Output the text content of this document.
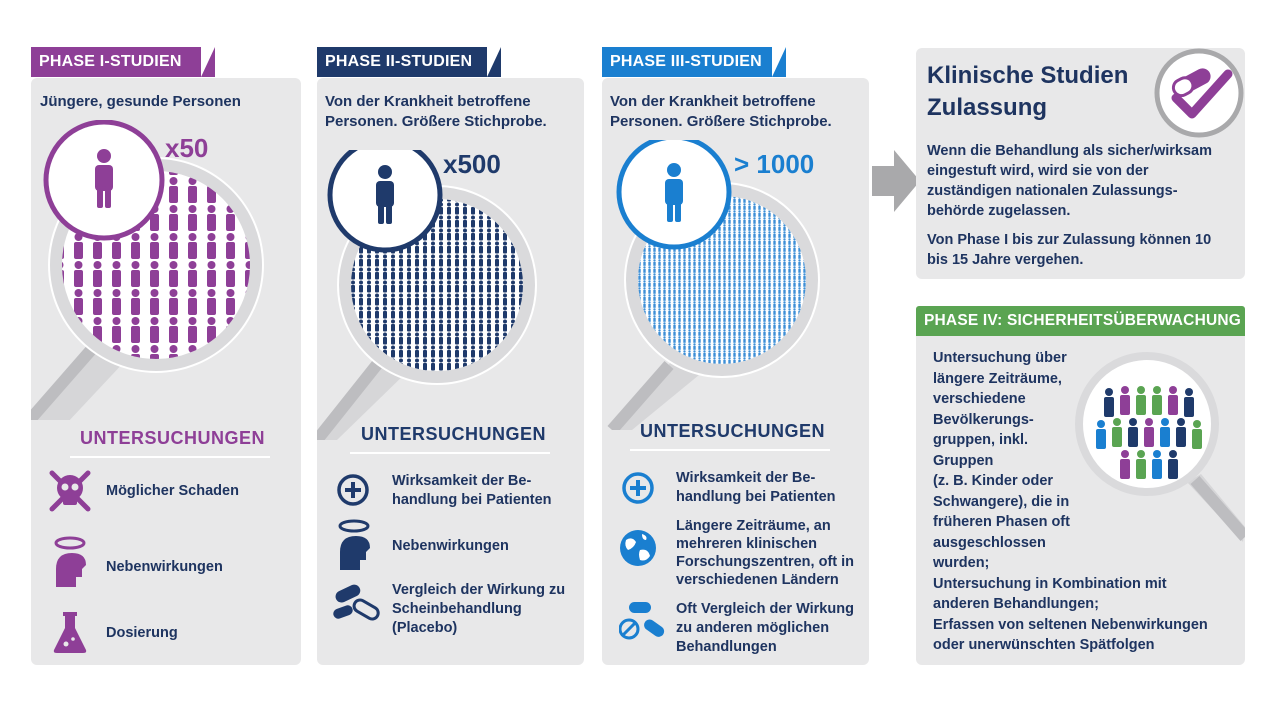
PHASE I-STUDIEN
Jüngere, gesunde Personen
x50
UNTERSUCHUNGEN
Möglicher Schaden
Nebenwirkungen
Dosierung
PHASE II-STUDIEN
Von der Krankheit betroffene
Personen. Größere Stichprobe.
x500
UNTERSUCHUNGEN
Wirksamkeit der Be-
handlung bei Patienten
Nebenwirkungen
Vergleich der Wirkung zu
Scheinbehandlung
(Placebo)
PHASE III-STUDIEN
Von der Krankheit betroffene
Personen. Größere Stichprobe.
> 1000
UNTERSUCHUNGEN
Wirksamkeit der Be-
handlung bei Patienten
Längere Zeiträume, an
mehreren klinischen
Forschungszentren, oft in
verschiedenen Ländern
Oft Vergleich der Wirkung
zu anderen möglichen
Behandlungen
Klinische Studien
Zulassung
Wenn die Behandlung als sicher/wirksam
eingestuft wird, wird sie von der
zuständigen nationalen Zulassungs-
behörde zugelassen.
Von Phase I bis zur Zulassung können 10
bis 15 Jahre vergehen.
PHASE IV: SICHERHEITSÜBERWACHUNG
Untersuchung über
längere Zeiträume,
verschiedene
Bevölkerungs-
gruppen, inkl.
Gruppen
(z. B. Kinder oder
Schwangere), die in
früheren Phasen oft
ausgeschlossen
wurden;
Untersuchung in Kombination mit
anderen Behandlungen;
Erfassen von seltenen Nebenwirkungen
oder unerwünschten Spätfolgen
